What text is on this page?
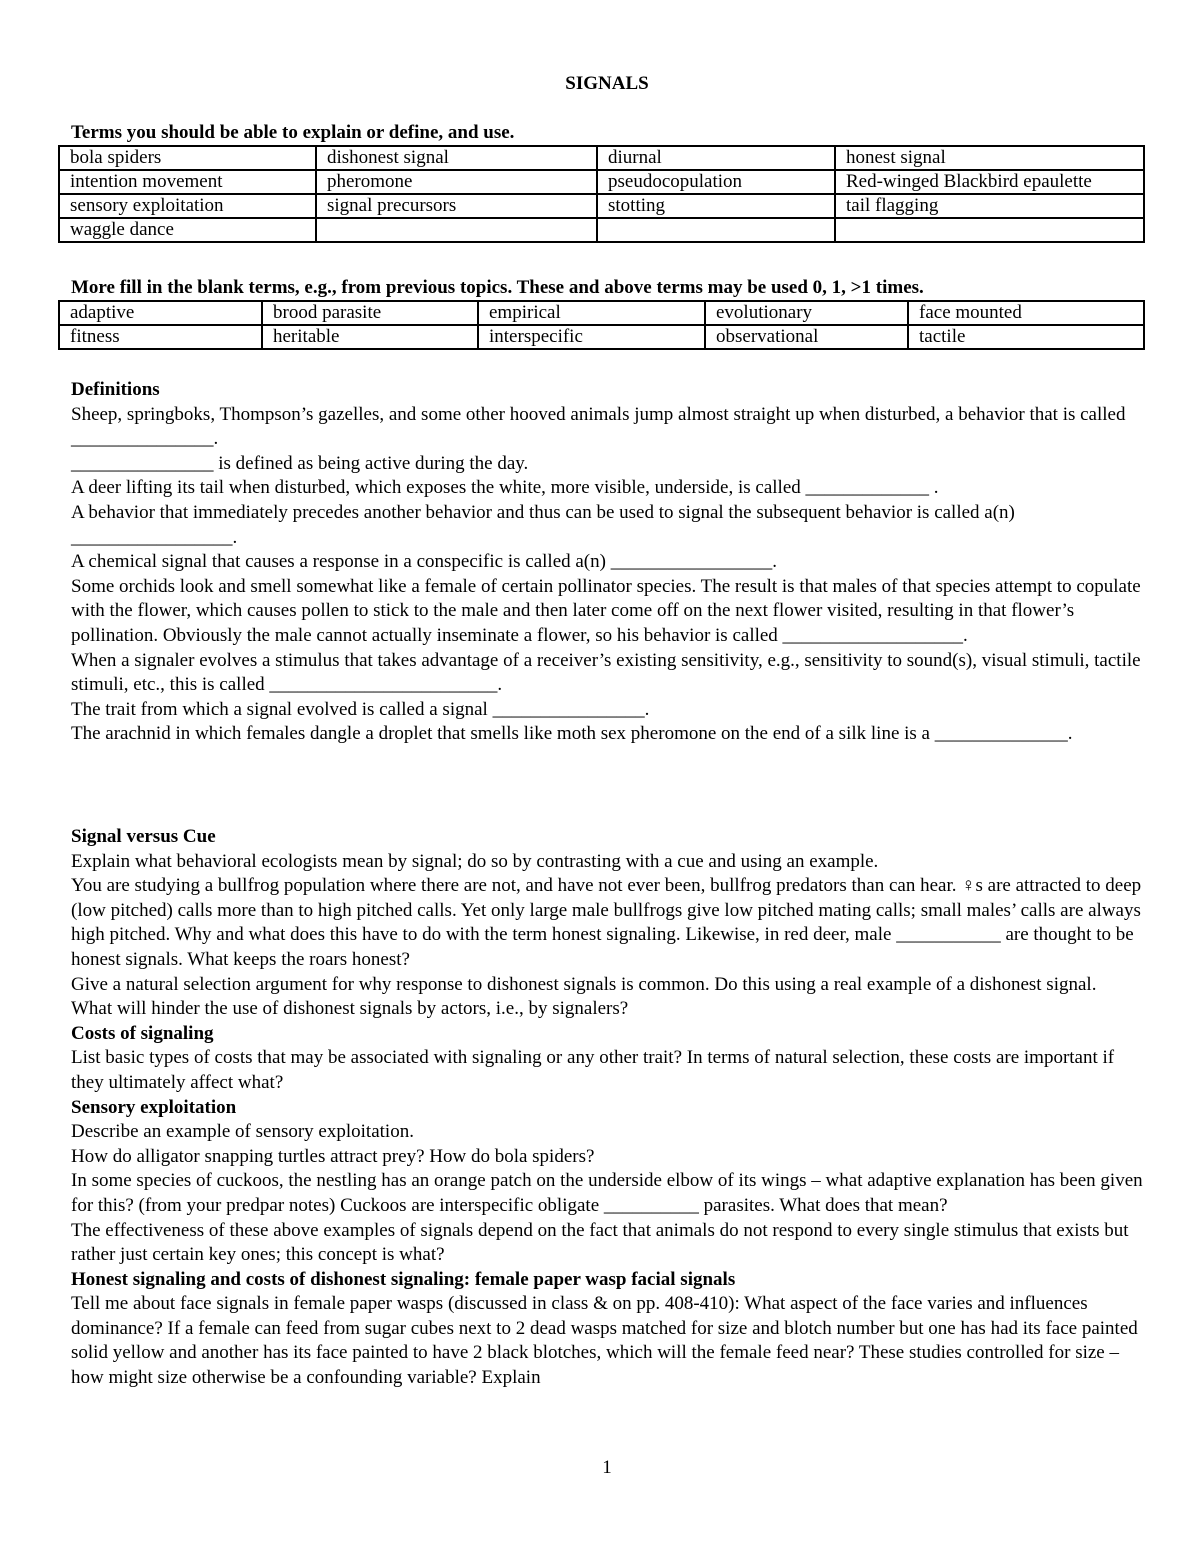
SIGNALS
Terms you should be able to explain or define, and use.
bola spiders	dishonest signal	diurnal	honest signal
intention movement	pheromone	pseudocopulation	Red-winged Blackbird epaulette
sensory exploitation	signal precursors	stotting	tail flagging
waggle dance			
More fill in the blank terms, e.g., from previous topics. These and above terms may be used 0, 1, >1 times.
adaptive	brood parasite	empirical	evolutionary	face mounted
fitness	heritable	interspecific	observational	tactile

Definitions

Sheep, springboks, Thompson’s gazelles, and some other hooved animals jump almost straight up when disturbed, a behavior that is called _______________.

_______________ is defined as being active during the day.

A deer lifting its tail when disturbed, which exposes the white, more visible, underside, is called _____________ .

A behavior that immediately precedes another behavior and thus can be used to signal the subsequent behavior is called a(n) _________________.

A chemical signal that causes a response in a conspecific is called a(n) _________________.

Some orchids look and smell somewhat like a female of certain pollinator species. The result is that males of that species attempt to copulate with the flower, which causes pollen to stick to the male and then later come off on the next flower visited, resulting in that flower’s pollination. Obviously the male cannot actually inseminate a flower, so his behavior is called ___________________.

When a signaler evolves a stimulus that takes advantage of a receiver’s existing sensitivity, e.g., sensitivity to sound(s), visual stimuli, tactile stimuli, etc., this is called ________________________.

The trait from which a signal evolved is called a signal ________________.

The arachnid in which females dangle a droplet that smells like moth sex pheromone on the end of a silk line is a ______________.

Signal versus Cue

Explain what behavioral ecologists mean by signal; do so by contrasting with a cue and using an example.

You are studying a bullfrog population where there are not, and have not ever been, bullfrog predators than can hear. ♀s are attracted to deep (low pitched) calls more than to high pitched calls. Yet only large male bullfrogs give low pitched mating calls; small males’ calls are always high pitched. Why and what does this have to do with the term honest signaling. Likewise, in red deer, male ___________ are thought to be honest signals. What keeps the roars honest?

Give a natural selection argument for why response to dishonest signals is common. Do this using a real example of a dishonest signal.

What will hinder the use of dishonest signals by actors, i.e., by signalers?

Costs of signaling

List basic types of costs that may be associated with signaling or any other trait? In terms of natural selection, these costs are important if they ultimately affect what?

Sensory exploitation

Describe an example of sensory exploitation.

How do alligator snapping turtles attract prey? How do bola spiders?

In some species of cuckoos, the nestling has an orange patch on the underside elbow of its wings – what adaptive explanation has been given for this? (from your predpar notes) Cuckoos are interspecific obligate __________ parasites. What does that mean?

The effectiveness of these above examples of signals depend on the fact that animals do not respond to every single stimulus that exists but rather just certain key ones; this concept is what?

Honest signaling and costs of dishonest signaling: female paper wasp facial signals

Tell me about face signals in female paper wasps (discussed in class & on pp. 408-410): What aspect of the face varies and influences dominance? If a female can feed from sugar cubes next to 2 dead wasps matched for size and blotch number but one has had its face painted solid yellow and another has its face painted to have 2 black blotches, which will the female feed near? These studies controlled for size – how might size otherwise be a confounding variable? Explain

1
